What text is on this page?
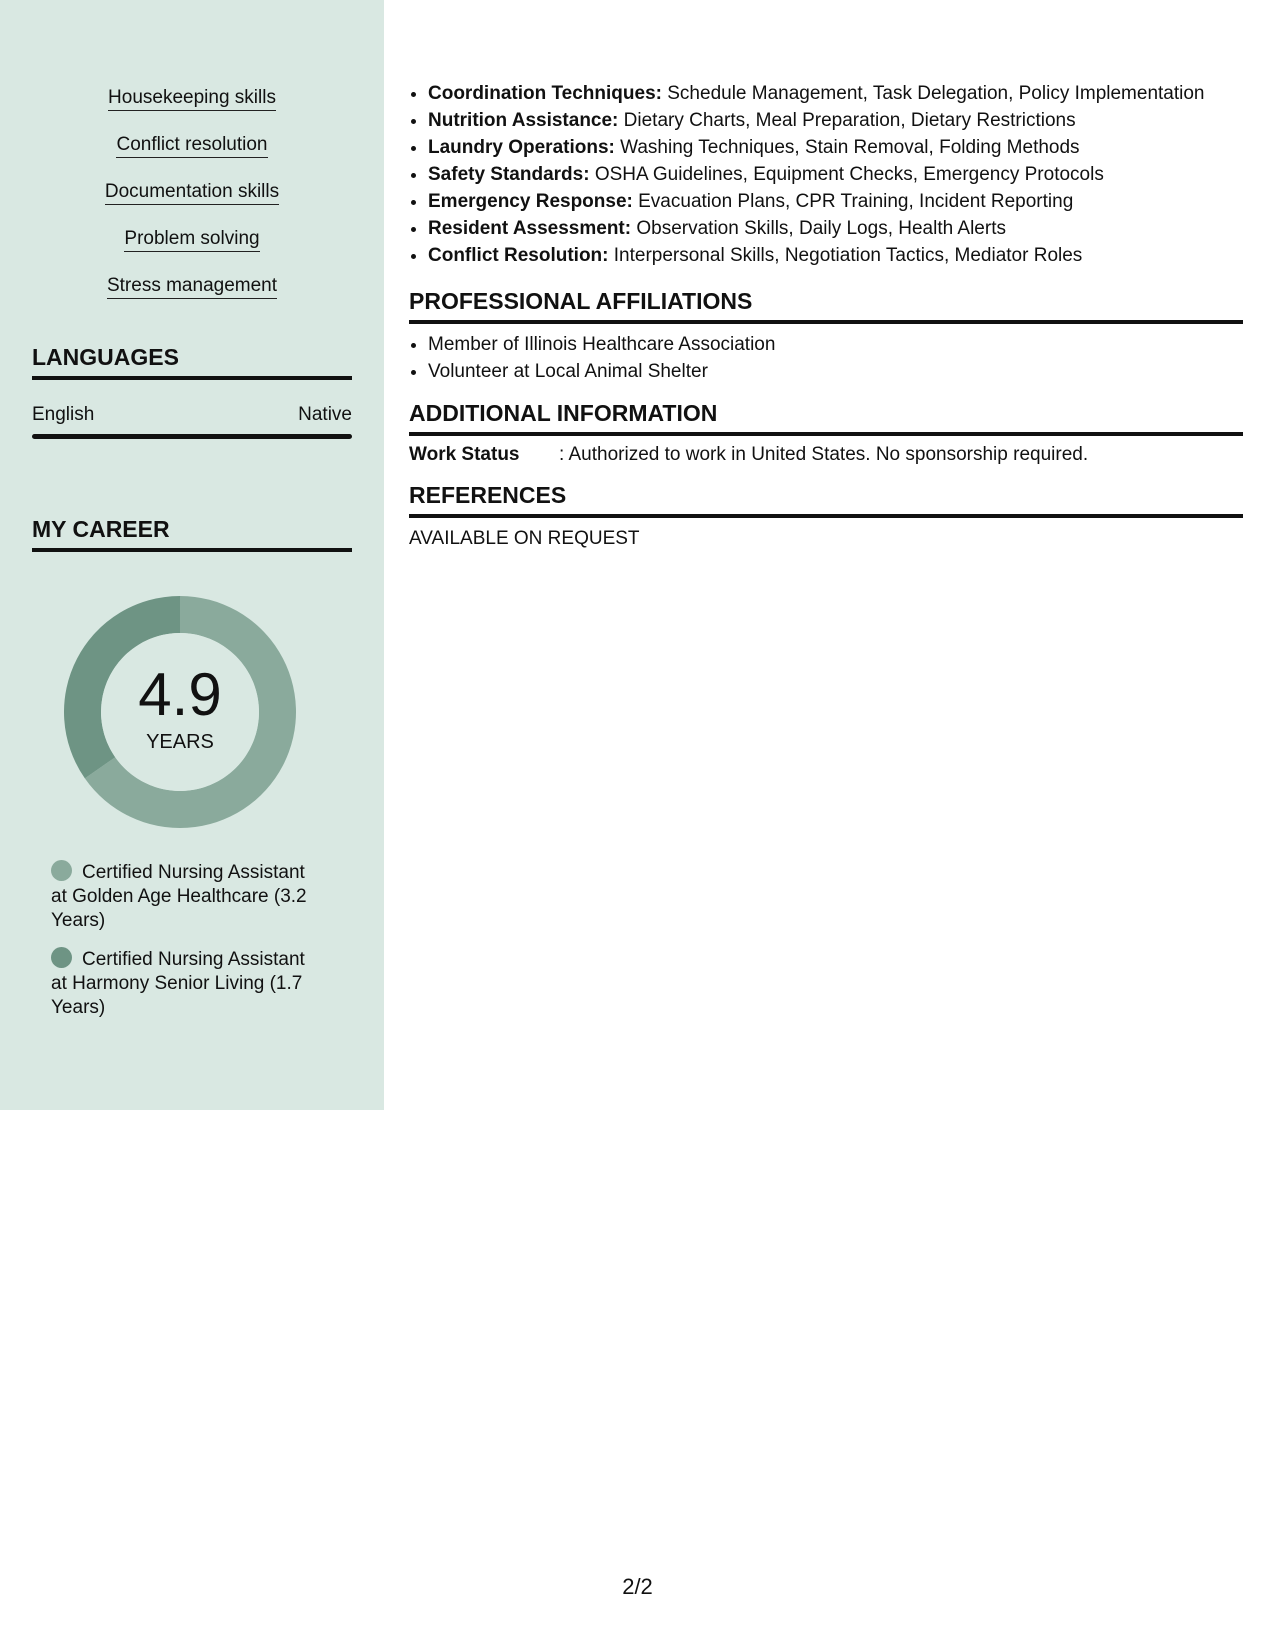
Housekeeping skills
Conflict resolution
Documentation skills
Problem solving
Stress management
LANGUAGES
English	Native
MY CAREER
4.9
YEARS
Certified Nursing Assistant at Golden Age Healthcare (3.2 Years)
Certified Nursing Assistant at Harmony Senior Living (1.7 Years)
• Coordination Techniques: Schedule Management, Task Delegation, Policy Implementation
• Nutrition Assistance: Dietary Charts, Meal Preparation, Dietary Restrictions
• Laundry Operations: Washing Techniques, Stain Removal, Folding Methods
• Safety Standards: OSHA Guidelines, Equipment Checks, Emergency Protocols
• Emergency Response: Evacuation Plans, CPR Training, Incident Reporting
• Resident Assessment: Observation Skills, Daily Logs, Health Alerts
• Conflict Resolution: Interpersonal Skills, Negotiation Tactics, Mediator Roles
PROFESSIONAL AFFILIATIONS
• Member of Illinois Healthcare Association
• Volunteer at Local Animal Shelter
ADDITIONAL INFORMATION
Work Status	: Authorized to work in United States. No sponsorship required.
REFERENCES
AVAILABLE ON REQUEST
2/2
